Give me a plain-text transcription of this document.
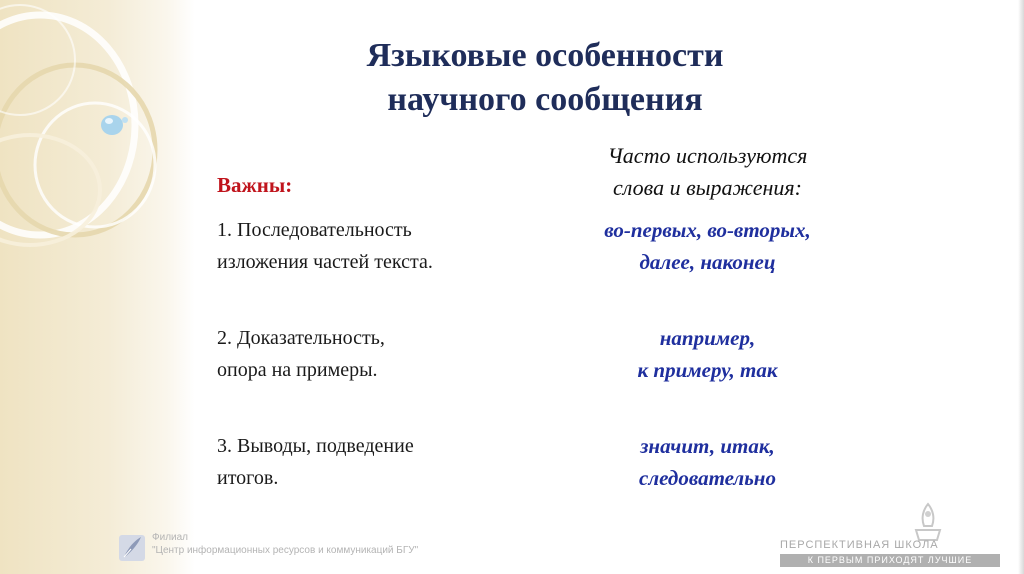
Языковые особенности
научного сообщения
Важны:
Часто используются
слова и выражения:
1. Последовательность
изложения частей текста.
во-первых, во-вторых,
далее, наконец
2. Доказательность,
опора на примеры.
например,
к примеру, так
3. Выводы, подведение
итогов.
значит, итак,
следовательно
Филиал
"Центр информационных ресурсов и коммуникаций БГУ"	ПЕРСПЕКТИВНАЯ ШКОЛА
К ПЕРВЫМ ПРИХОДЯТ ЛУЧШИЕ
